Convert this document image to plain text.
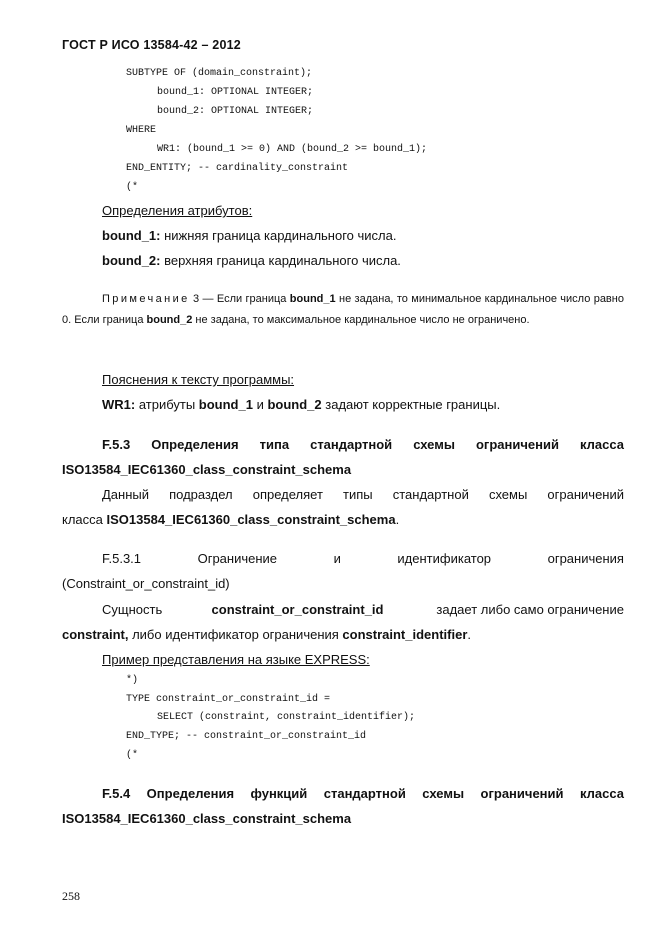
ГОСТ Р ИСО 13584-42 – 2012
SUBTYPE OF (domain_constraint);
bound_1: OPTIONAL INTEGER;
bound_2: OPTIONAL INTEGER;
WHERE
WR1: (bound_1 >= 0) AND (bound_2 >= bound_1);
END_ENTITY; -- cardinality_constraint
(*
Определения атрибутов:
bound_1: нижняя граница кардинального числа.
bound_2: верхняя граница кардинального числа.
Примечание 3 — Если граница bound_1 не задана, то минимальное кардинальное число равно 0. Если граница bound_2 не задана, то максимальное кардинальное число не ограничено.
Пояснения к тексту программы:
WR1: атрибуты bound_1 и bound_2 задают корректные границы.
F.5.3 Определения типа стандартной схемы ограничений класса
ISO13584_IEC61360_class_constraint_schema
Данный подраздел определяет типы стандартной схемы ограничений
класса ISO13584_IEC61360_class_constraint_schema.
F.5.3.1	Ограничение	и	идентификатор	ограничения
(Constraint_or_constraint_id)
Сущность	constraint_or_constraint_id	задает либо само ограничение
constraint, либо идентификатор ограничения constraint_identifier.
Пример представления на языке EXPRESS:
*)
TYPE constraint_or_constraint_id =
SELECT (constraint, constraint_identifier);
END_TYPE; -- constraint_or_constraint_id
(*
F.5.4 Определения функций стандартной схемы ограничений класса
ISO13584_IEC61360_class_constraint_schema
258
